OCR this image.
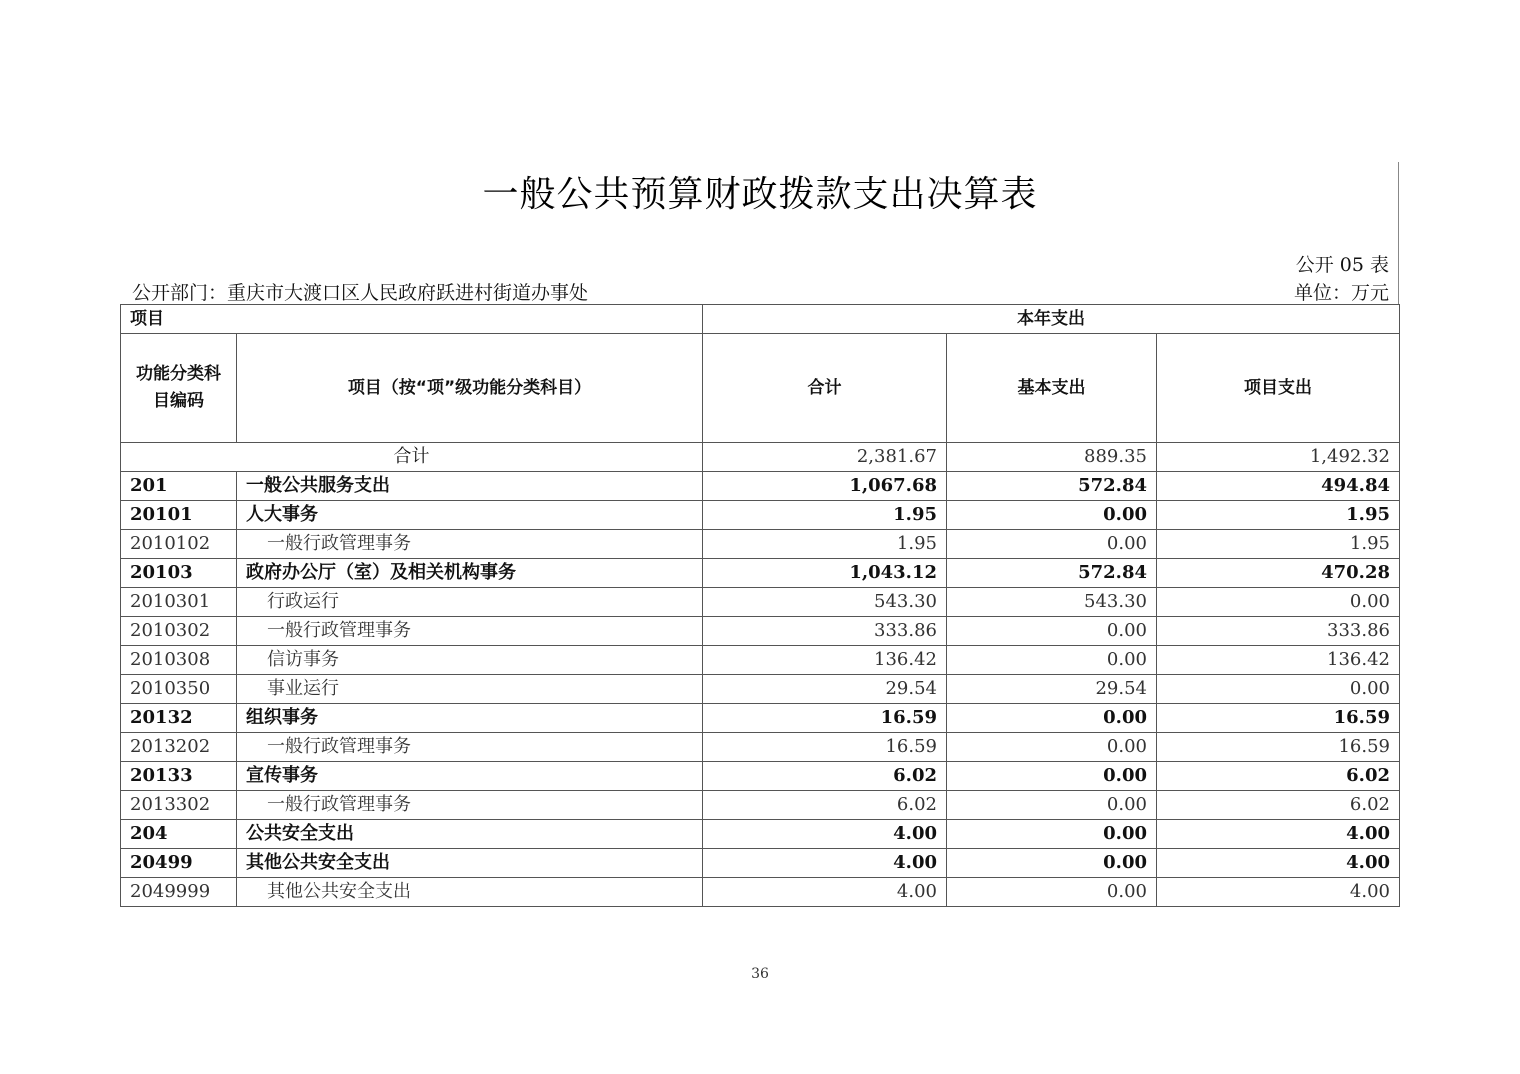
一般公共预算财政拨款支出决算表
公开 05 表
公开部门：重庆市大渡口区人民政府跃进村街道办事处	单位：万元
项目		本年支出		
功能分类科目编码	项目（按“项”级功能分类科目）	合计	基本支出	项目支出
合计		2,381.67	889.35	1,492.32
201	一般公共服务支出	1,067.68	572.84	494.84
20101	人大事务	1.95	0.00	1.95
2010102	一般行政管理事务	1.95	0.00	1.95
20103	政府办公厅（室）及相关机构事务	1,043.12	572.84	470.28
2010301	行政运行	543.30	543.30	0.00
2010302	一般行政管理事务	333.86	0.00	333.86
2010308	信访事务	136.42	0.00	136.42
2010350	事业运行	29.54	29.54	0.00
20132	组织事务	16.59	0.00	16.59
2013202	一般行政管理事务	16.59	0.00	16.59
20133	宣传事务	6.02	0.00	6.02
2013302	一般行政管理事务	6.02	0.00	6.02
204	公共安全支出	4.00	0.00	4.00
20499	其他公共安全支出	4.00	0.00	4.00
2049999	其他公共安全支出	4.00	0.00	4.00
36
